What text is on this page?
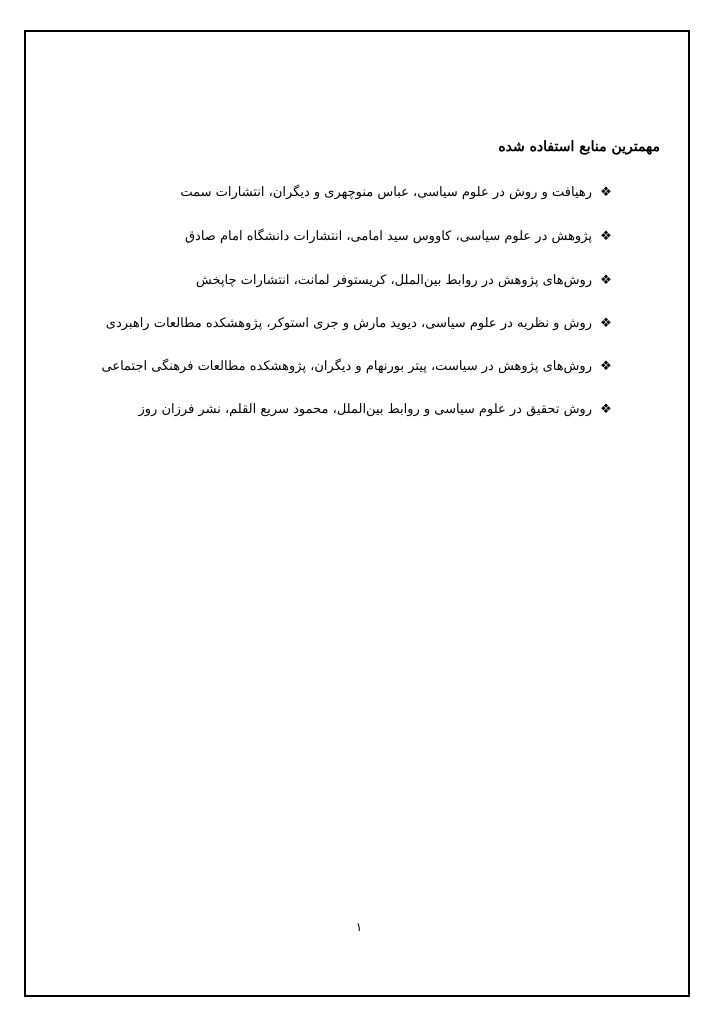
مهمترین منابع استفاده شده
❖رهیافت و روش در علوم سیاسی، عباس منوچهری و دیگران، انتشارات سمت
❖پژوهش در علوم سیاسی، کاووس سید امامی، انتشارات دانشگاه امام صادق
❖روش‌های پژوهش در روابط بین‌الملل، کریستوفر لمانت، انتشارات چاپخش
❖روش و نظریه در علوم سیاسی، دیوید مارش و جری استوکر، پژوهشکده مطالعات راهبردی
❖روش‌های پژوهش در سیاست، پیتر بورنهام و دیگران، پژوهشکده مطالعات فرهنگی اجتماعی
❖روش تحقیق در علوم سیاسی و روابط بین‌الملل، محمود سریع القلم، نشر فرزان روز
۱
